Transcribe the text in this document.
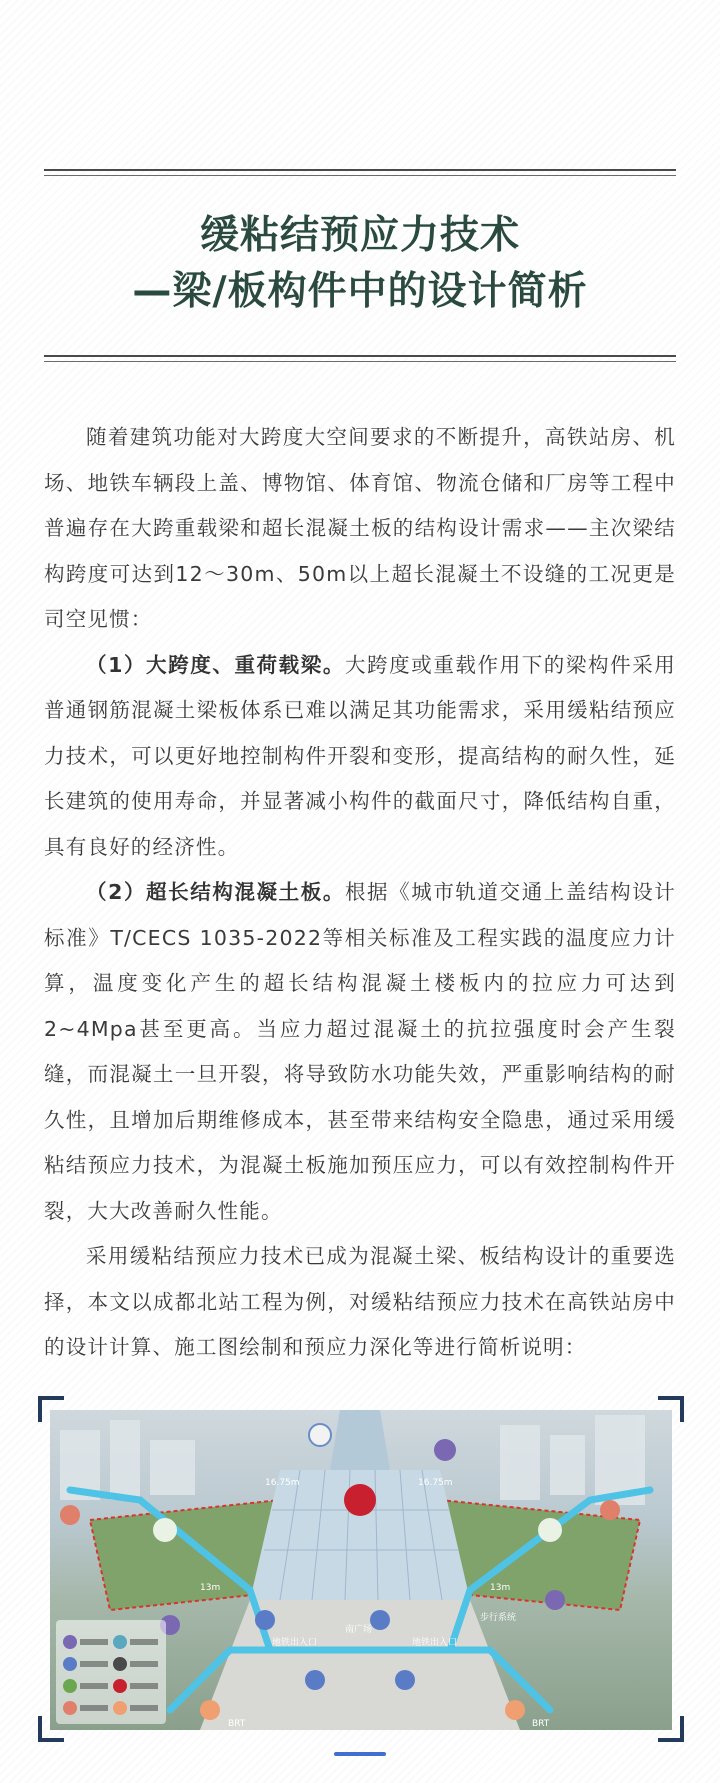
缓粘结预应力技术
—梁/板构件中的设计简析

随着建筑功能对大跨度大空间要求的不断提升，高铁站房、机场、地铁车辆段上盖、博物馆、体育馆、物流仓储和厂房等工程中普遍存在大跨重载梁和超长混凝土板的结构设计需求——主次梁结构跨度可达到12～30m、50m以上超长混凝土不设缝的工况更是司空见惯：

（1）大跨度、重荷载梁。大跨度或重载作用下的梁构件采用普通钢筋混凝土梁板体系已难以满足其功能需求，采用缓粘结预应力技术，可以更好地控制构件开裂和变形，提高结构的耐久性，延长建筑的使用寿命，并显著减小构件的截面尺寸，降低结构自重，具有良好的经济性。

（2）超长结构混凝土板。根据《城市轨道交通上盖结构设计标准》T/CECS 1035-2022等相关标准及工程实践的温度应力计算，温度变化产生的超长结构混凝土楼板内的拉应力可达到2~4Mpa甚至更高。当应力超过混凝土的抗拉强度时会产生裂缝，而混凝土一旦开裂，将导致防水功能失效，严重影响结构的耐久性，且增加后期维修成本，甚至带来结构安全隐患，通过采用缓粘结预应力技术，为混凝土板施加预压应力，可以有效控制构件开裂，大大改善耐久性能。

采用缓粘结预应力技术已成为混凝土梁、板结构设计的重要选择，本文以成都北站工程为例，对缓粘结预应力技术在高铁站房中的设计计算、施工图绘制和预应力深化等进行简析说明：

南广场
BRT	BRT
16.75m	16.75m
13m	13m
地铁出入口	地铁出入口
步行系统
